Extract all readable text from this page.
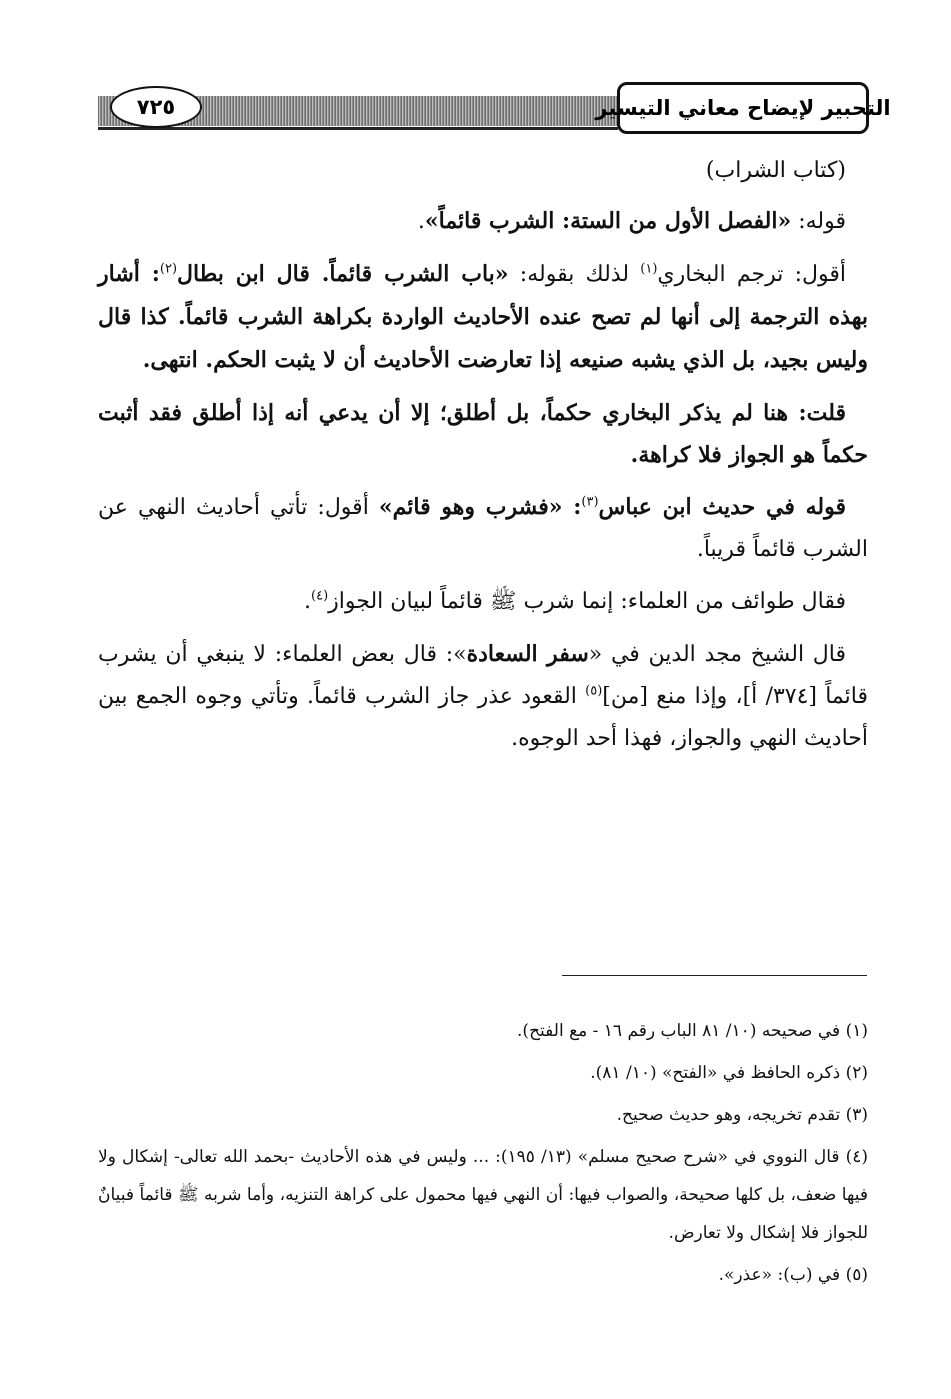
التحبير لإيضاح معاني التيسير
٧٢٥

(كتاب الشراب)

قوله: «الفصل الأول من الستة: الشرب قائماً».

أقول: ترجم البخاري$^{(١)}$ لذلك بقوله: «باب الشرب قائماً. قال ابن بطال$^{(٢)}$: أشار بهذه الترجمة إلى أنها لم تصح عنده الأحاديث الواردة بكراهة الشرب قائماً. كذا قال وليس بجيد، بل الذي يشبه صنيعه إذا تعارضت الأحاديث أن لا يثبت الحكم. انتهى.

قلت: هنا لم يذكر البخاري حكماً، بل أطلق؛ إلا أن يدعي أنه إذا أطلق فقد أثبت حكماً هو الجواز فلا كراهة.

قوله في حديث ابن عباس$^{(٣)}$: «فشرب وهو قائم» أقول: تأتي أحاديث النهي عن الشرب قائماً قريباً.

فقال طوائف من العلماء: إنما شرب ﷺ قائماً لبيان الجواز$^{(٤)}$.

قال الشيخ مجد الدين في «سفر السعادة»: قال بعض العلماء: لا ينبغي أن يشرب قائماً [٣٧٤/ أ]، وإذا منع [من]$^{(٥)}$ القعود عذر جاز الشرب قائماً. وتأتي وجوه الجمع بين أحاديث النهي والجواز، فهذا أحد الوجوه.

(١) في صحيحه (١٠/ ٨١ الباب رقم ١٦ - مع الفتح).

(٢) ذكره الحافظ في «الفتح» (١٠/ ٨١).

(٣) تقدم تخريجه، وهو حديث صحيح.

(٤) قال النووي في «شرح صحيح مسلم» (١٣/ ١٩٥): ... وليس في هذه الأحاديث -بحمد الله تعالى- إشكال ولا فيها ضعف، بل كلها صحيحة، والصواب فيها: أن النهي فيها محمول على كراهة التنزيه، وأما شربه ﷺ قائماً فبيانٌ للجواز فلا إشكال ولا تعارض.

(٥) في (ب): «عذر».
